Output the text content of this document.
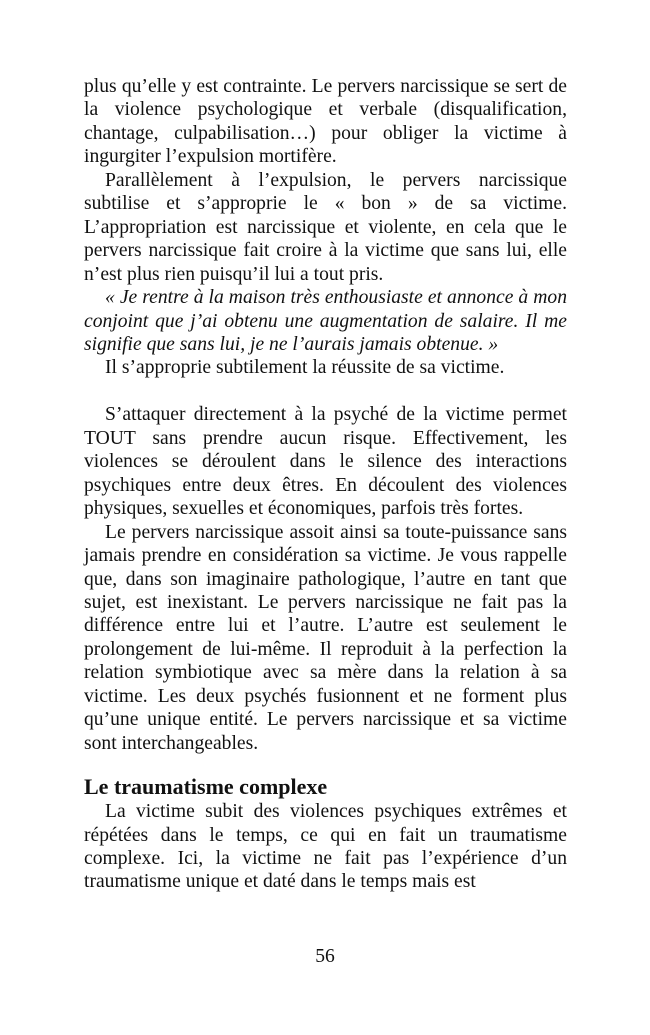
plus qu’elle y est contrainte. Le pervers narcissique se sert de la violence psychologique et verbale (disqualification, chantage, culpabilisation…) pour obliger la victime à ingurgiter l’expulsion mortifère.

Parallèlement à l’expulsion, le pervers narcissique subtilise et s’approprie le « bon » de sa victime. L’appropriation est narcissique et violente, en cela que le pervers narcissique fait croire à la victime que sans lui, elle n’est plus rien puisqu’il lui a tout pris.

« Je rentre à la maison très enthousiaste et annonce à mon conjoint que j’ai obtenu une augmentation de salaire. Il me signifie que sans lui, je ne l’aurais jamais obtenue. »

Il s’approprie subtilement la réussite de sa victime.

S’attaquer directement à la psyché de la victime permet TOUT sans prendre aucun risque. Effectivement, les violences se déroulent dans le silence des interactions psychiques entre deux êtres. En découlent des violences physiques, sexuelles et économiques, parfois très fortes.

Le pervers narcissique assoit ainsi sa toute-puissance sans jamais prendre en considération sa victime. Je vous rappelle que, dans son imaginaire pathologique, l’autre en tant que sujet, est inexistant. Le pervers narcissique ne fait pas la différence entre lui et l’autre. L’autre est seulement le prolongement de lui-même. Il reproduit à la perfection la relation symbiotique avec sa mère dans la relation à sa victime. Les deux psychés fusionnent et ne forment plus qu’une unique entité. Le pervers narcissique et sa victime sont interchangeables.

Le traumatisme complexe

La victime subit des violences psychiques extrêmes et répétées dans le temps, ce qui en fait un traumatisme complexe. Ici, la victime ne fait pas l’expérience d’un traumatisme unique et daté dans le temps mais est

56
